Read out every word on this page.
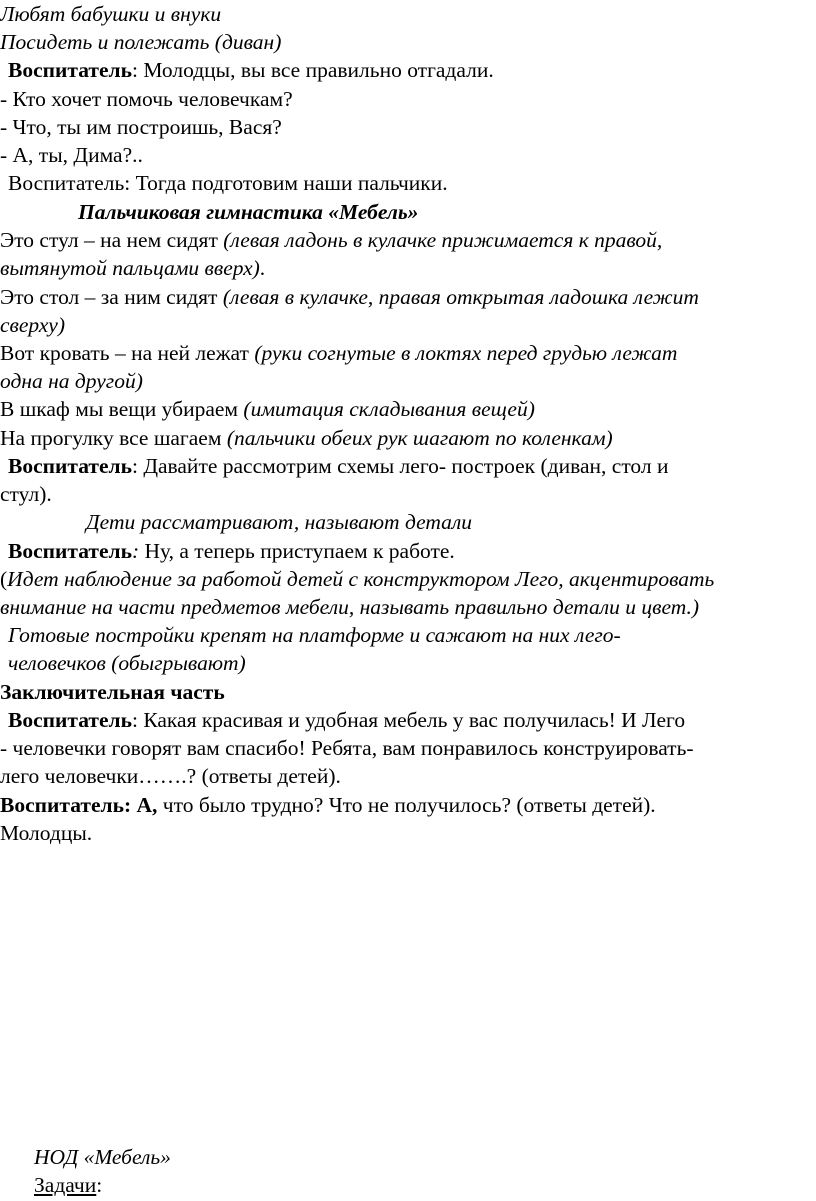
Любят бабушки и внуки
Посидеть и полежать (диван)
Воспитатель: Молодцы, вы все правильно отгадали.
- Кто хочет помочь человечкам?
- Что, ты им построишь, Вася?
- А, ты, Дима?..
Воспитатель: Тогда подготовим наши пальчики.
Пальчиковая гимнастика «Мебель»
Это стул – на нем сидят (левая ладонь в кулачке прижимается к правой,
вытянутой пальцами вверх).
Это стол – за ним сидят (левая в кулачке, правая открытая ладошка лежит
сверху)
Вот кровать – на ней лежат (руки согнутые в локтях перед грудью лежат
одна на другой)
В шкаф мы вещи убираем (имитация складывания вещей)
На прогулку все шагаем (пальчики обеих рук шагают по коленкам)
Воспитатель: Давайте рассмотрим схемы лего- построек (диван, стол и
стул).
Дети рассматривают, называют детали
Воспитатель: Ну, а теперь приступаем к работе.
(Идет наблюдение за работой детей с конструктором Лего, акцентировать
внимание на части предметов мебели, называть правильно детали и цвет.)
Готовые постройки крепят на платформе и сажают на них лего-
человечков (обыгрывают)
Заключительная часть
Воспитатель: Какая красивая и удобная мебель у вас получилась! И Лего
- человечки говорят вам спасибо! Ребята, вам понравилось конструировать-
лего человечки…….? (ответы детей).
Воспитатель: А, что было трудно? Что не получилось? (ответы детей).
Молодцы.
НОД «Мебель»
Задачи:
